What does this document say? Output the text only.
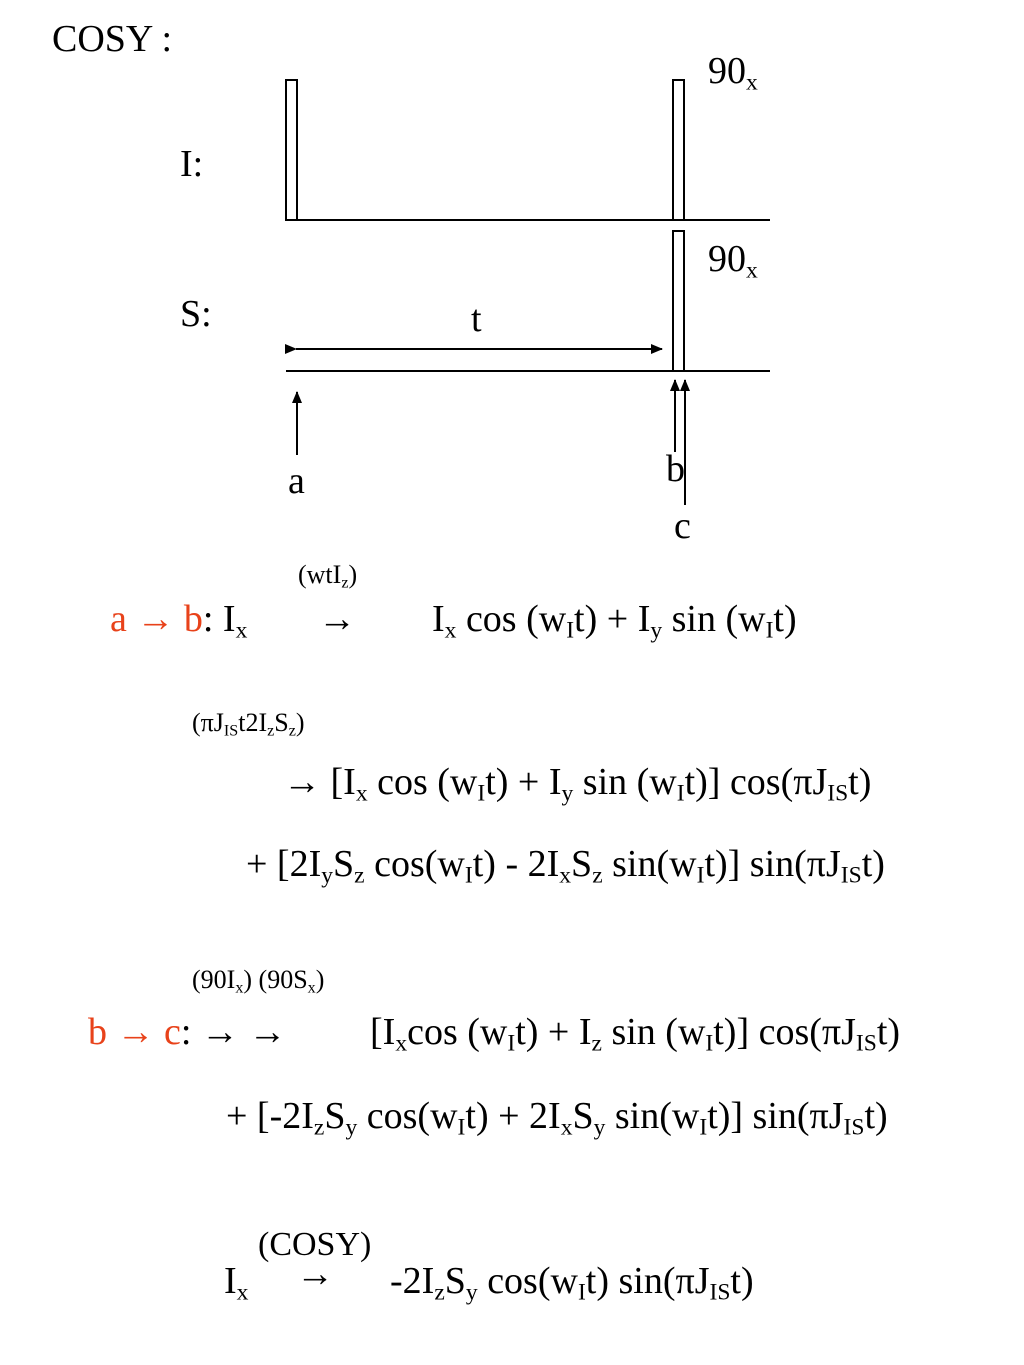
COSY :
I:
S:
$90_x$
$90_x$
t
a	b
c
(wtI$_z$)
a → b: $I_x \to I_x$ $\cos (w_It) + I_y$ $\sin (w_It)$
$(\pi J_{IS}t2I_zS_z)$
→ [$I_x$ $\cos (w_It) + I_y$ $\sin (w_It)$] $\cos(\pi J_{IS}t)$
+ [$2I_yS_z$ $\cos(w_It) - 2I_xS_z$ $\sin(w_It)$] $\sin(\pi J_{IS}t)$
$(90I_x)$ $(90S_x)$
b → c: → → [$I_x\cos$ $(w_It) + I_z$ $\sin (w_It)$] $\cos(\pi J_{IS}t)$
+ [$-2I_zS_y$ $\cos(w_It) + 2I_xS_y$ $\sin(w_It)$] $\sin(\pi J_{IS}t)$
(COSY)
$I_x \to -2I_zS_y$ $\cos(w_It)$ $\sin(\pi J_{IS}t)$
